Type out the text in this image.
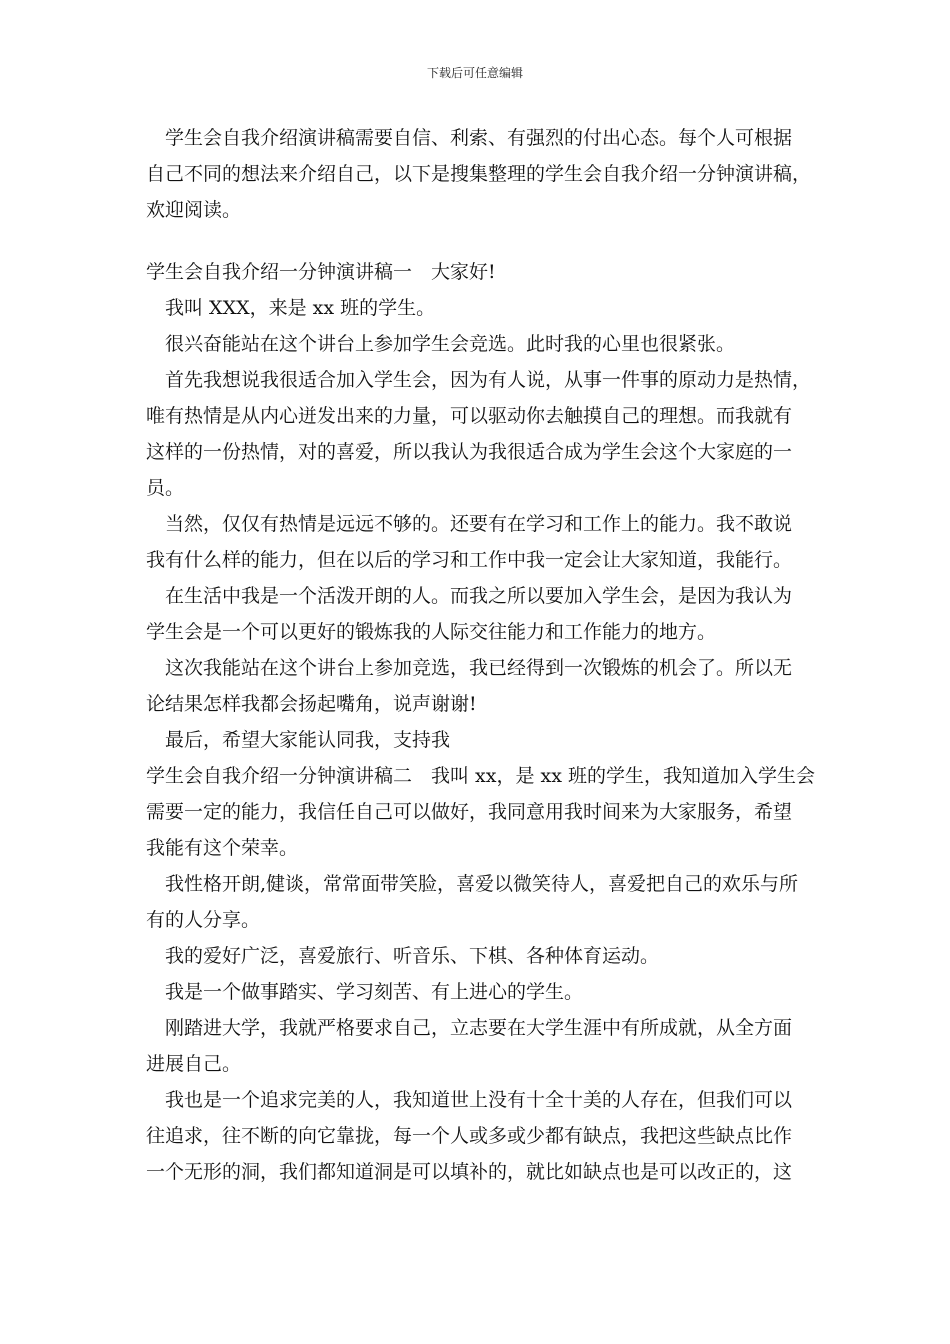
下载后可任意编辑
　学生会自我介绍演讲稿需要自信、利索、有强烈的付出心态。每个人可根据
自己不同的想法来介绍自己，以下是搜集整理的学生会自我介绍一分钟演讲稿，
欢迎阅读。
学生会自我介绍一分钟演讲稿一　大家好!
　我叫 XXX，来是 xx 班的学生。
　很兴奋能站在这个讲台上参加学生会竞选。此时我的心里也很紧张。
　首先我想说我很适合加入学生会，因为有人说，从事一件事的原动力是热情，
唯有热情是从内心迸发出来的力量，可以驱动你去触摸自己的理想。而我就有
这样的一份热情，对的喜爱，所以我认为我很适合成为学生会这个大家庭的一
员。
　当然，仅仅有热情是远远不够的。还要有在学习和工作上的能力。我不敢说
我有什么样的能力，但在以后的学习和工作中我一定会让大家知道，我能行。
　在生活中我是一个活泼开朗的人。而我之所以要加入学生会，是因为我认为
学生会是一个可以更好的锻炼我的人际交往能力和工作能力的地方。
　这次我能站在这个讲台上参加竞选，我已经得到一次锻炼的机会了。所以无
论结果怎样我都会扬起嘴角，说声谢谢!
　最后，希望大家能认同我，支持我
学生会自我介绍一分钟演讲稿二　我叫 xx，是 xx 班的学生，我知道加入学生会
需要一定的能力，我信任自己可以做好，我同意用我时间来为大家服务，希望
我能有这个荣幸。
　我性格开朗,健谈，常常面带笑脸，喜爱以微笑待人，喜爱把自己的欢乐与所
有的人分享。
　我的爱好广泛，喜爱旅行、听音乐、下棋、各种体育运动。
　我是一个做事踏实、学习刻苦、有上进心的学生。
　刚踏进大学，我就严格要求自己，立志要在大学生涯中有所成就，从全方面
进展自己。
　我也是一个追求完美的人，我知道世上没有十全十美的人存在，但我们可以
往追求，往不断的向它靠拢，每一个人或多或少都有缺点，我把这些缺点比作
一个无形的洞，我们都知道洞是可以填补的，就比如缺点也是可以改正的，这
